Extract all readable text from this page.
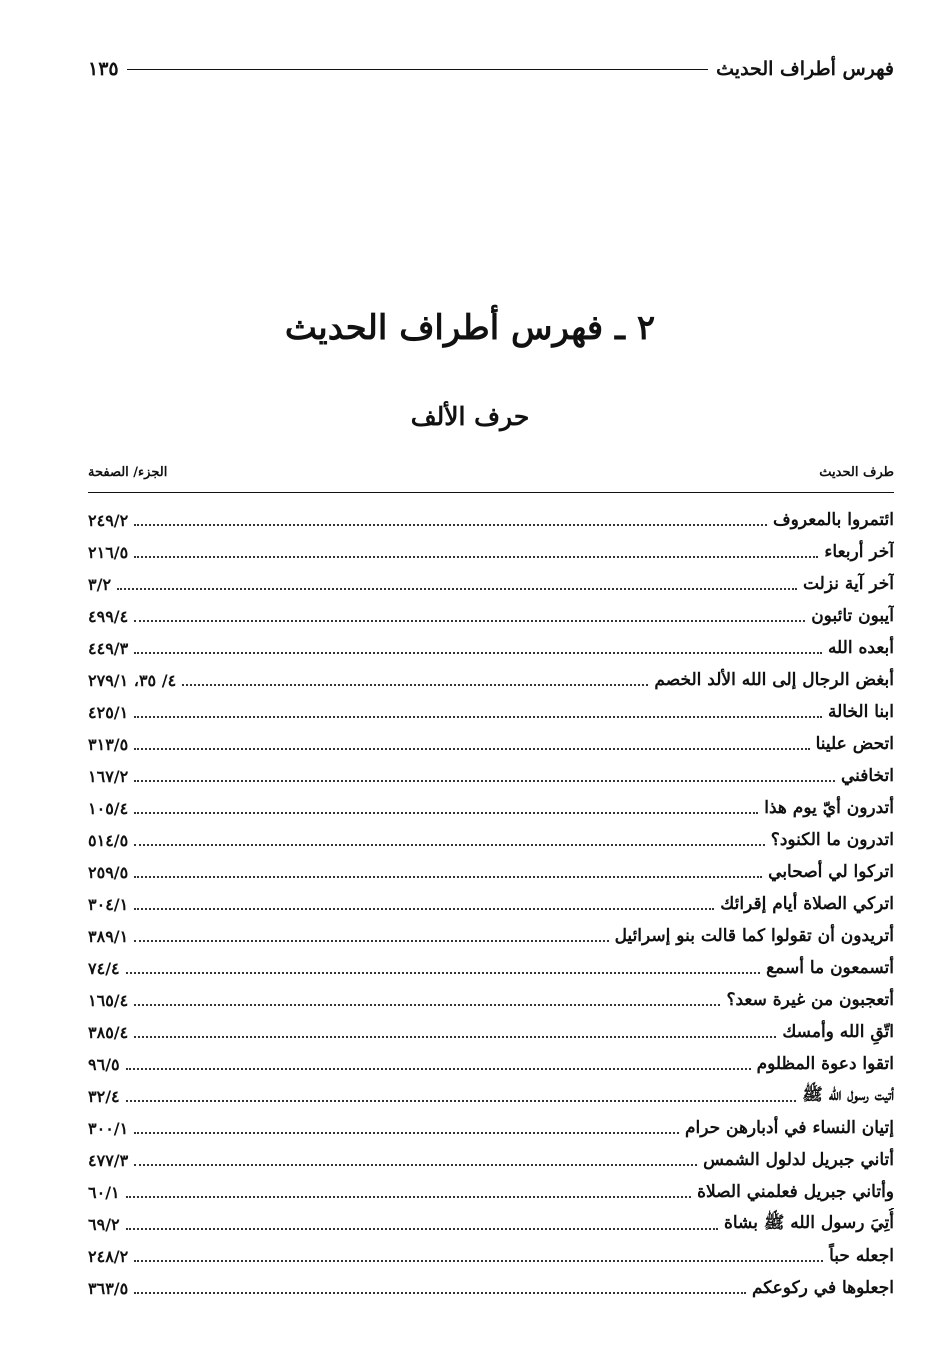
فهرس أطراف الحديث
١٣٥
٢ ـ فهرس أطراف الحديث
حرف الألف
طرف الحديث
الجزء/ الصفحة
ائتمروا بالمعروف
٢٤٩/٢
آخر أربعاء
٢١٦/٥
آخر آية نزلت
٣/٢
آيبون تائبون
٤٩٩/٤
أبعده الله
٤٤٩/٣
أبغض الرجال إلى الله الألد الخصم
٤/ ٣٥، ٢٧٩/١
ابنا الخالة
٤٢٥/١
اتحض علينا
٣١٣/٥
اتخافني
١٦٧/٢
أتدرون أيّ يوم هذا
١٠٥/٤
اتدرون ما الكنود؟
٥١٤/٥
اتركوا لي أصحابي
٢٥٩/٥
اتركي الصلاة أيام إقرائك
٣٠٤/١
أتريدون أن تقولوا كما قالت بنو إسرائيل
٣٨٩/١
أتسمعون ما أسمع
٧٤/٤
أتعجبون من غيرة سعد؟
١٦٥/٤
اتّقِ الله وأمسك
٣٨٥/٤
اتقوا دعوة المظلوم
٩٦/٥
أتيت رسول الله ﷺ
٣٢/٤
إتيان النساء في أدبارهن حرام
٣٠٠/١
أتاني جبريل لدلول الشمس
٤٧٧/٣
وأتاني جبريل فعلمني الصلاة
٦٠/١
أُتِيَ رسول الله ﷺ بشاة
٦٩/٢
اجعله حباً
٢٤٨/٢
اجعلوها في ركوعكم
٣٦٣/٥
